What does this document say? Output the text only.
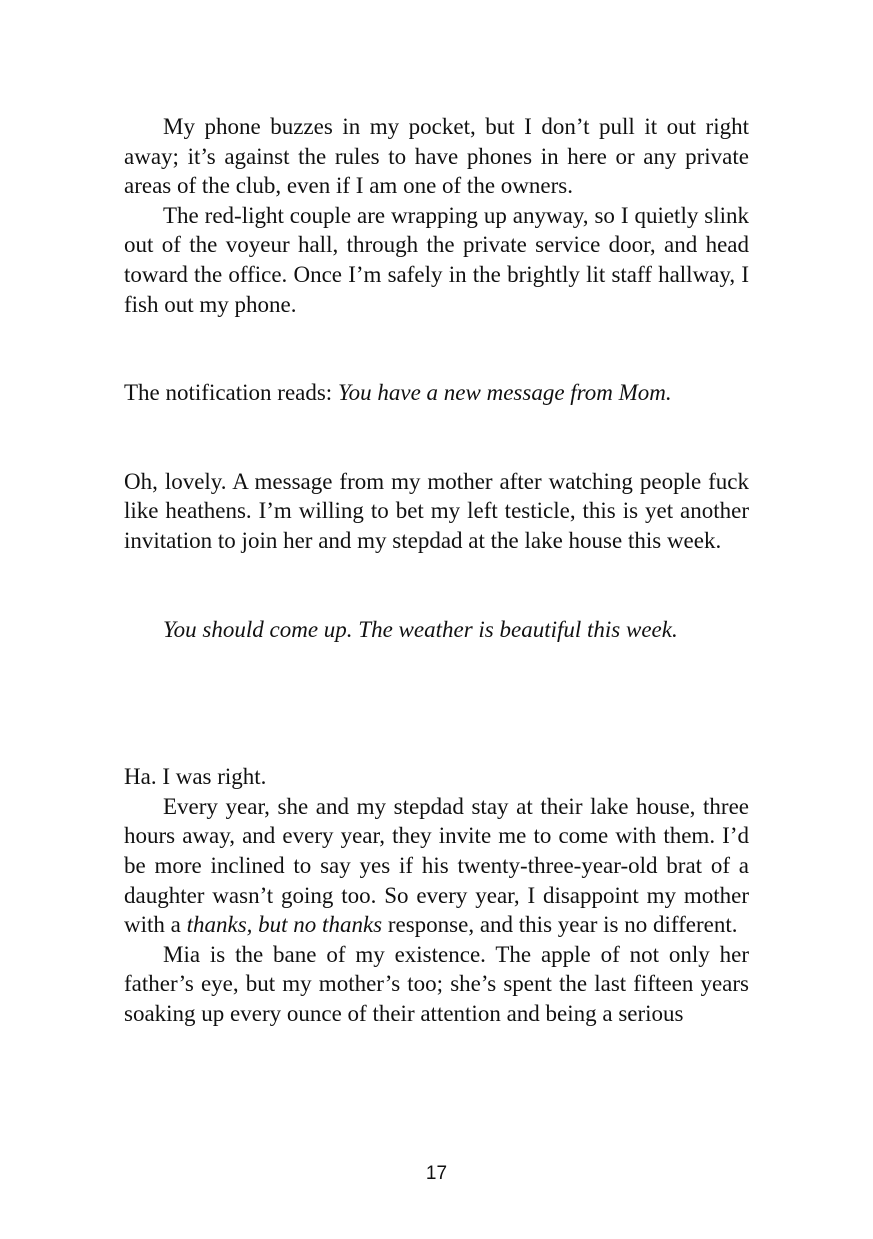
My phone buzzes in my pocket, but I don’t pull it out right away; it’s against the rules to have phones in here or any private areas of the club, even if I am one of the owners.

The red-light couple are wrapping up anyway, so I quietly slink out of the voyeur hall, through the private service door, and head toward the office. Once I’m safely in the brightly lit staff hallway, I fish out my phone.

The notification reads: You have a new message from Mom.

Oh, lovely. A message from my mother after watching people fuck like heathens. I’m willing to bet my left testicle, this is yet another invitation to join her and my stepdad at the lake house this week.

You should come up. The weather is beautiful this week.

Ha. I was right.

Every year, she and my stepdad stay at their lake house, three hours away, and every year, they invite me to come with them. I’d be more inclined to say yes if his twenty-three-year-old brat of a daughter wasn’t going too. So every year, I disappoint my mother with a thanks, but no thanks response, and this year is no different.

Mia is the bane of my existence. The apple of not only her father’s eye, but my mother’s too; she’s spent the last fifteen years soaking up every ounce of their attention and being a serious

17
